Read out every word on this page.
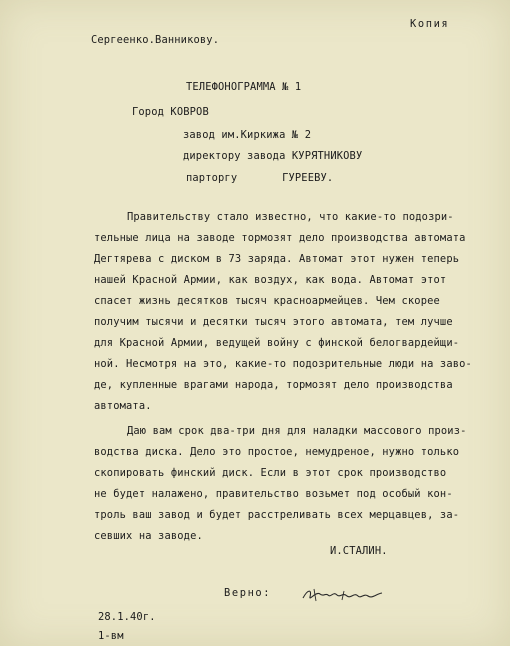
Копия
Сергеенко.Ванникову.
ТЕЛЕФОНОГРАММА № 1
Город КОВРОВ
завод им.Киркижа № 2
директору завода КУРЯТНИКОВУ
парторгу       ГУРЕЕВУ.
Правительству стало известно, что какие-то подозри-
тельные лица на заводе тормозят дело производства автомата
Дегтярева с диском в 73 заряда. Автомат этот нужен теперь
нашей Красной Армии, как воздух, как вода. Автомат этот
спасет жизнь десятков тысяч красноармейцев. Чем скорее
получим тысячи и десятки тысяч этого автомата, тем лучше
для Красной Армии, ведущей войну с финской белогвардейщи-
ной. Несмотря на это, какие-то подозрительные люди на заво-
де, купленные врагами народа, тормозят дело производства
автомата.
Даю вам срок два-три дня для наладки массового произ-
водства диска. Дело это простое, немудреное, нужно только
скопировать финский диск. Если в этот срок производство
не будет налажено, правительство возьмет под особый кон-
троль ваш завод и будет расстреливать всех мерцавцев, за-
севших на заводе.
И.СТАЛИН.
Верно:
28.1.40г.
1-вм
